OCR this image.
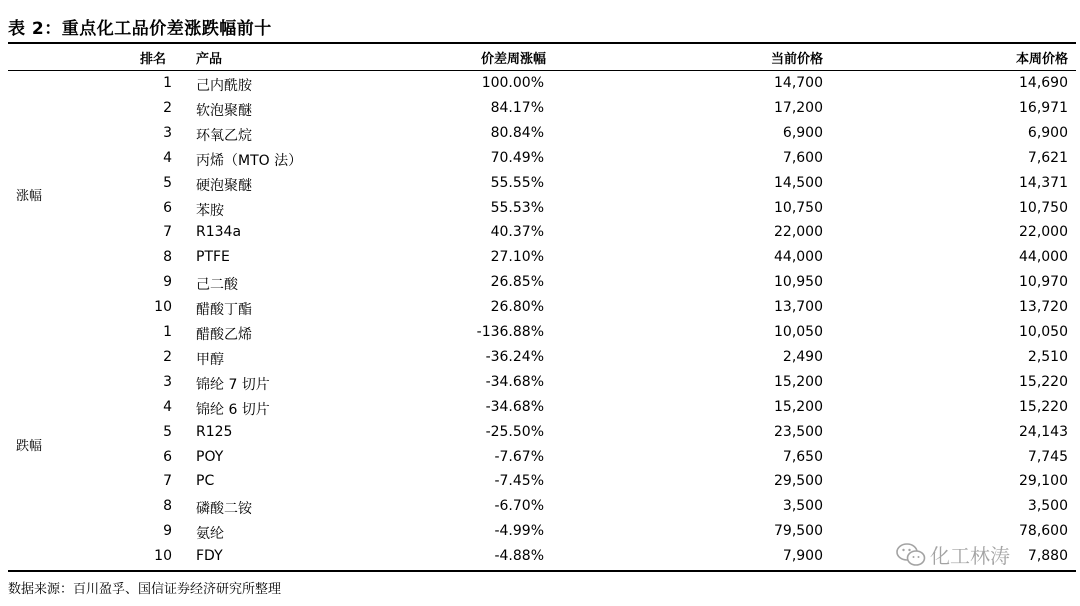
表 2：重点化工品价差涨跌幅前十
排名 产品	价差周涨幅	当前价格	本周价格
涨幅
跌幅
1 己内酰胺	100.00%	14,700	14,690
2 软泡聚醚	84.17%	17,200	16,971
3 环氧乙烷	80.84%	6,900	6,900
4 丙烯（MTO 法）	70.49%	7,600	7,621
5 硬泡聚醚	55.55%	14,500	14,371
6 苯胺	55.53%	10,750	10,750
7 R134a	40.37%	22,000	22,000
8 PTFE	27.10%	44,000	44,000
9 己二酸	26.85%	10,950	10,970
10 醋酸丁酯	26.80%	13,700	13,720
1 醋酸乙烯	-136.88%	10,050	10,050
2 甲醇	-36.24%	2,490	2,510
3 锦纶 7 切片	-34.68%	15,200	15,220
4 锦纶 6 切片	-34.68%	15,200	15,220
5 R125	-25.50%	23,500	24,143
6 POY	-7.67%	7,650	7,745
7 PC	-7.45%	29,500	29,100
8 磷酸二铵	-6.70%	3,500	3,500
9 氨纶	-4.99%	79,500	78,600
10 FDY	-4.88%	7,900	7,880
数据来源：百川盈孚、国信证券经济研究所整理
化工林涛
